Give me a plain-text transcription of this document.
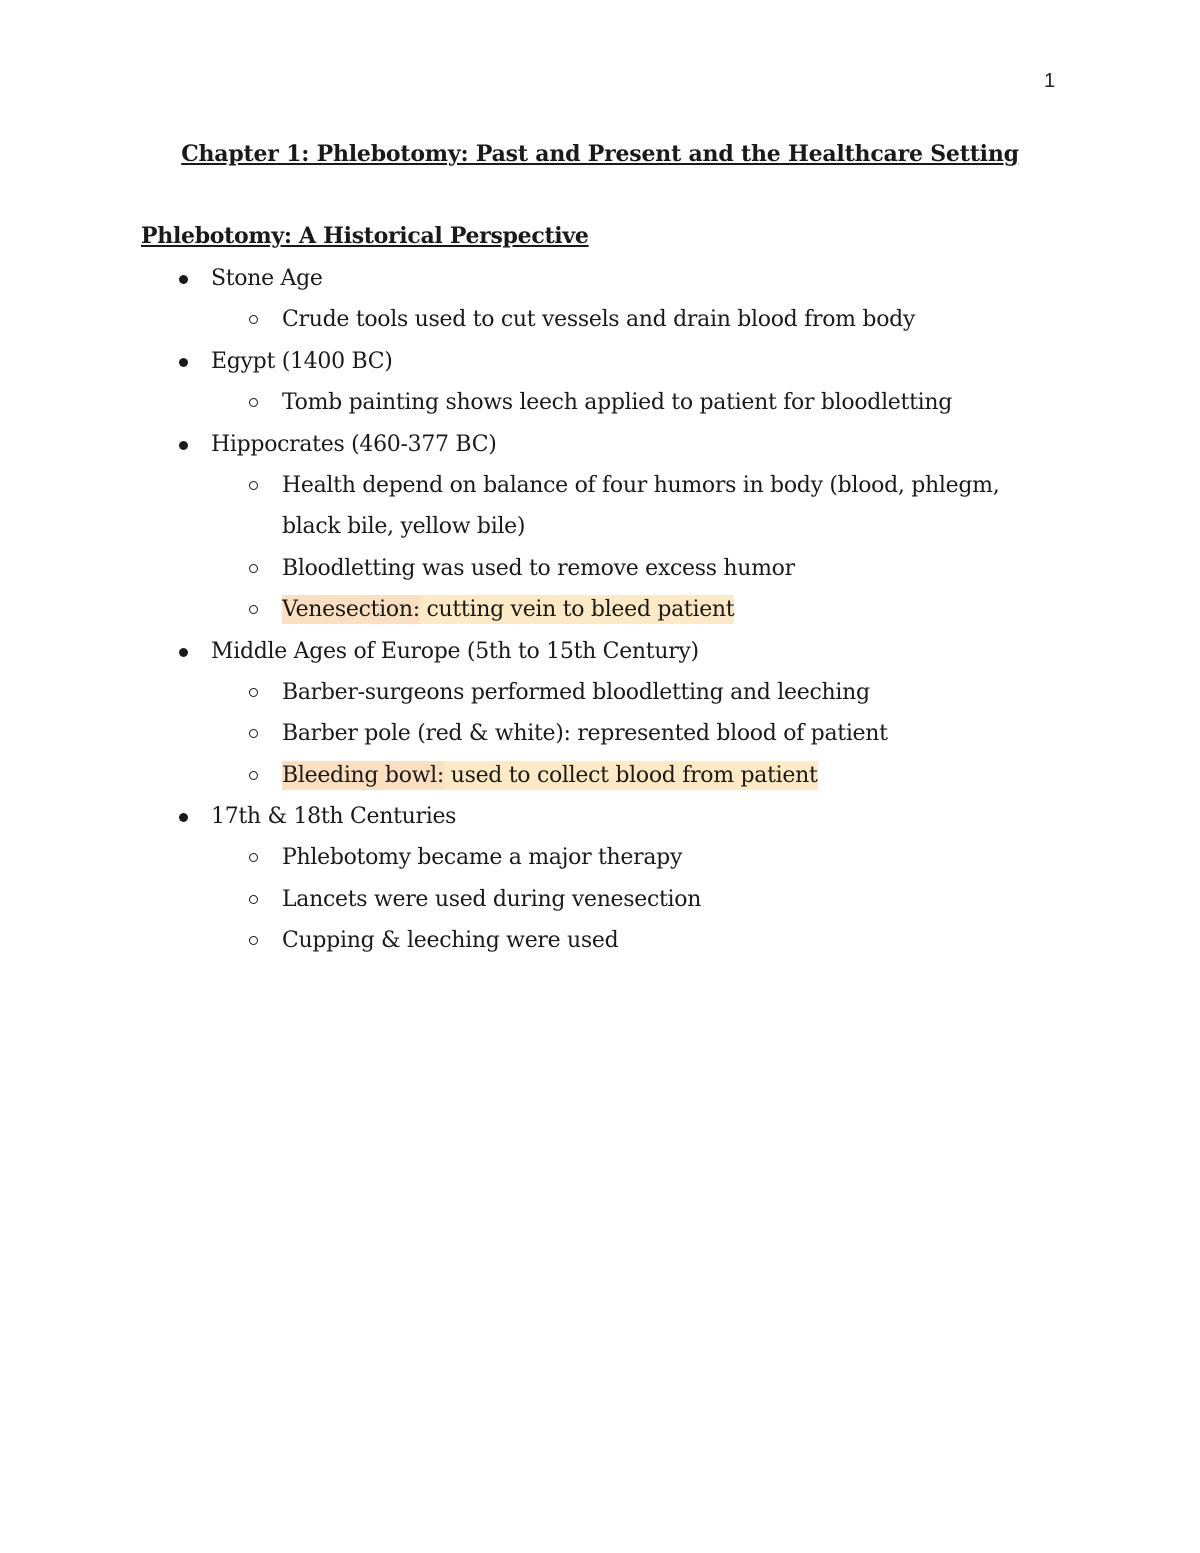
1
Chapter 1: Phlebotomy: Past and Present and the Healthcare Setting
Phlebotomy: A Historical Perspective
Stone Age
Crude tools used to cut vessels and drain blood from body
Egypt (1400 BC)
Tomb painting shows leech applied to patient for bloodletting
Hippocrates (460-377 BC)
Health depend on balance of four humors in body (blood, phlegm,
black bile, yellow bile)
Bloodletting was used to remove excess humor
Venesection: cutting vein to bleed patient
Middle Ages of Europe (5th to 15th Century)
Barber-surgeons performed bloodletting and leeching
Barber pole (red & white): represented blood of patient
Bleeding bowl: used to collect blood from patient
17th & 18th Centuries
Phlebotomy became a major therapy
Lancets were used during venesection
Cupping & leeching were used
